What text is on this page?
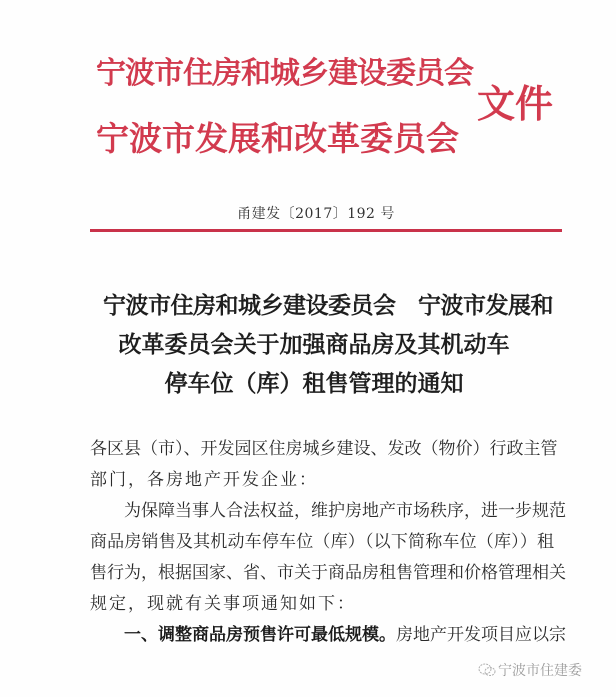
宁波市住房和城乡建设委员会
宁波市发展和改革委员会
文件
甬建发〔2017〕192 号
宁波市住房和城乡建设委员会　宁波市发展和
改革委员会关于加强商品房及其机动车
停车位（库）租售管理的通知
各区县（市）、开发园区住房城乡建设、发改（物价）行政主管
部门，各房地产开发企业：
为保障当事人合法权益，维护房地产市场秩序，进一步规范
商品房销售及其机动车停车位（库）（以下简称车位（库））租
售行为，根据国家、省、市关于商品房租售管理和价格管理相关
规定，现就有关事项通知如下：
一、调整商品房预售许可最低规模。房地产开发项目应以宗
宁波市住建委
